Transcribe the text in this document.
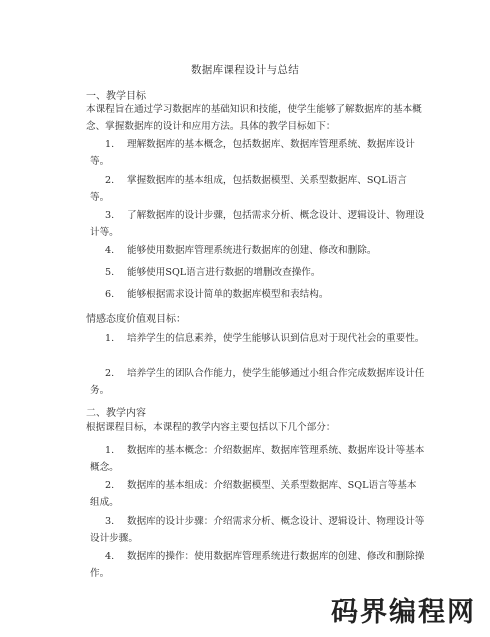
数据库课程设计与总结
一、教学目标
本课程旨在通过学习数据库的基础知识和技能，使学生能够了解数据库的基本概念、掌握数据库的设计和应用方法。具体的教学目标如下：
1. 理解数据库的基本概念，包括数据库、数据库管理系统、数据库设计等。
2. 掌握数据库的基本组成，包括数据模型、关系型数据库、SQL语言等。
3. 了解数据库的设计步骤，包括需求分析、概念设计、逻辑设计、物理设计等。
4. 能够使用数据库管理系统进行数据库的创建、修改和删除。
5. 能够使用SQL语言进行数据的增删改查操作。
6. 能够根据需求设计简单的数据库模型和表结构。
情感态度价值观目标：
1. 培养学生的信息素养，使学生能够认识到信息对于现代社会的重要性。
2. 培养学生的团队合作能力，使学生能够通过小组合作完成数据库设计任务。
二、教学内容
根据课程目标，本课程的教学内容主要包括以下几个部分：
1. 数据库的基本概念：介绍数据库、数据库管理系统、数据库设计等基本概念。
2. 数据库的基本组成：介绍数据模型、关系型数据库、SQL语言等基本组成。
3. 数据库的设计步骤：介绍需求分析、概念设计、逻辑设计、物理设计等设计步骤。
4. 数据库的操作：使用数据库管理系统进行数据库的创建、修改和删除操作。
码界编程网
